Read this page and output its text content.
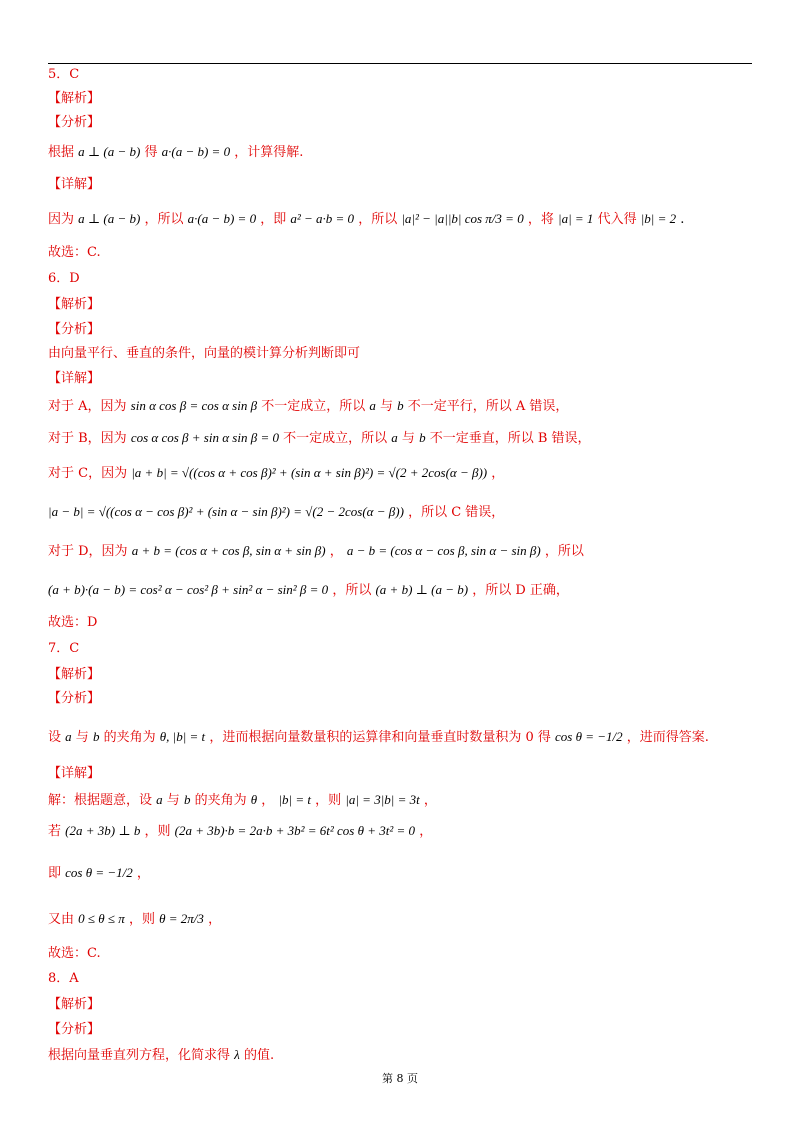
5．C
【解析】
【分析】
根据 a ⊥ (a − b) 得 a·(a − b) = 0 ，计算得解.
【详解】
因为 a ⊥ (a − b) ，所以 a·(a − b) = 0 ，即 a² − a·b = 0 ，所以 |a|² − |a||b| cos π/3 = 0 ，将 |a| = 1 代入得 |b| = 2 .
故选：C.
6．D
【解析】
【分析】
由向量平行、垂直的条件，向量的模计算分析判断即可
【详解】
对于 A，因为 sin α cos β = cos α sin β 不一定成立，所以 a 与 b 不一定平行，所以 A 错误，
对于 B，因为 cos α cos β + sin α sin β = 0 不一定成立，所以 a 与 b 不一定垂直，所以 B 错误，
对于 C，因为 |a + b| = √((cos α + cos β)² + (sin α + sin β)²) = √(2 + 2cos(α − β)) ，
|a − b| = √((cos α − cos β)² + (sin α − sin β)²) = √(2 − 2cos(α − β)) ，所以 C 错误，
对于 D，因为 a + b = (cos α + cos β, sin α + sin β) ， a − b = (cos α − cos β, sin α − sin β) ，所以
(a + b)·(a − b) = cos² α − cos² β + sin² α − sin² β = 0 ，所以 (a + b) ⊥ (a − b) ，所以 D 正确，
故选：D
7．C
【解析】
【分析】
设 a 与 b 的夹角为 θ, |b| = t ，进而根据向量数量积的运算律和向量垂直时数量积为 0 得 cos θ = −1/2 ，进而得答案.
【详解】
解：根据题意，设 a 与 b 的夹角为 θ ， |b| = t ，则 |a| = 3|b| = 3t ，
若 (2a + 3b) ⊥ b ，则 (2a + 3b)·b = 2a·b + 3b² = 6t² cos θ + 3t² = 0 ，
即 cos θ = −1/2 ，
又由 0 ≤ θ ≤ π ，则 θ = 2π/3 ，
故选：C.
8．A
【解析】
【分析】
根据向量垂直列方程，化简求得 λ 的值.
第 8 页
